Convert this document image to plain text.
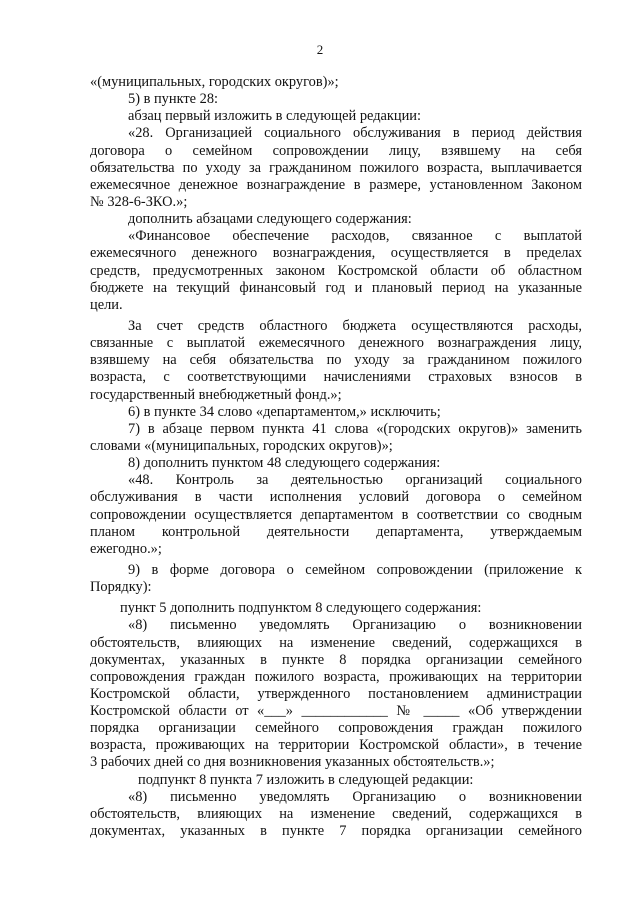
2
«(муниципальных, городских округов)»;
5) в пункте 28:
абзац первый изложить в следующей редакции:
«28. Организацией социального обслуживания в период действия
договора о семейном сопровождении лицу, взявшему на себя
обязательства по уходу за гражданином пожилого возраста, выплачивается
ежемесячное денежное вознаграждение в размере, установленном Законом
№ 328-6-ЗКО.»;
дополнить абзацами следующего содержания:
«Финансовое обеспечение расходов, связанное с выплатой
ежемесячного денежного вознаграждения, осуществляется в пределах
средств, предусмотренных законом Костромской области об областном
бюджете на текущий финансовый год и плановый период на указанные
цели.
За счет средств областного бюджета осуществляются расходы,
связанные с выплатой ежемесячного денежного вознаграждения лицу,
взявшему на себя обязательства по уходу за гражданином пожилого
возраста, с соответствующими начислениями страховых взносов в
государственный внебюджетный фонд.»;
6) в пункте 34 слово «департаментом,» исключить;
7) в абзаце первом пункта 41 слова «(городских округов)» заменить
словами «(муниципальных, городских округов)»;
8) дополнить пунктом 48 следующего содержания:
«48. Контроль за деятельностью организаций социального
обслуживания в части исполнения условий договора о семейном
сопровождении осуществляется департаментом в соответствии со сводным
планом контрольной деятельности департамента, утверждаемым
ежегодно.»;
9) в форме договора о семейном сопровождении (приложение к
Порядку):
пункт 5 дополнить подпунктом 8 следующего содержания:
«8) письменно уведомлять Организацию о возникновении
обстоятельств, влияющих на изменение сведений, содержащихся в
документах, указанных в пункте 8 порядка организации семейного
сопровождения граждан пожилого возраста, проживающих на территории
Костромской области, утвержденного постановлением администрации
Костромской области от «___» ____________ № _____ «Об утверждении
порядка организации семейного сопровождения граждан пожилого
возраста, проживающих на территории Костромской области», в течение
3 рабочих дней со дня возникновения указанных обстоятельств.»;
подпункт 8 пункта 7 изложить в следующей редакции:
«8) письменно уведомлять Организацию о возникновении
обстоятельств, влияющих на изменение сведений, содержащихся в
документах, указанных в пункте 7 порядка организации семейного
